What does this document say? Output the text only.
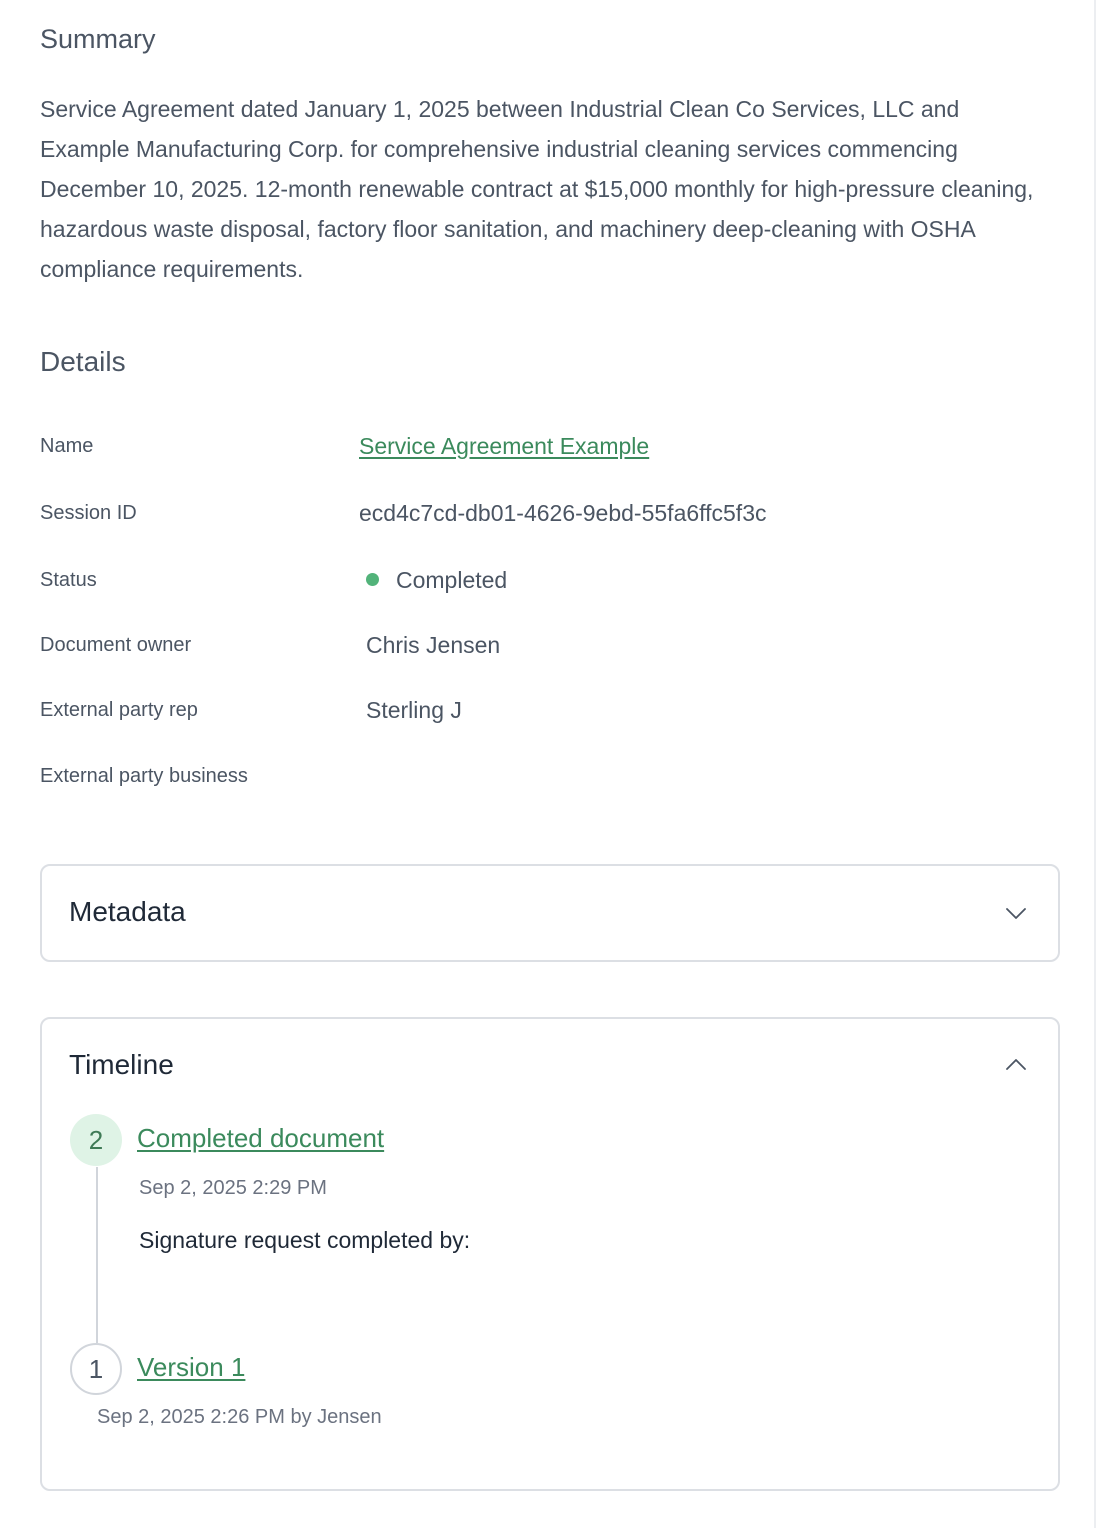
Summary

Service Agreement dated January 1, 2025 between Industrial Clean Co Services, LLC and Example Manufacturing Corp. for comprehensive industrial cleaning services commencing December 10, 2025. 12-month renewable contract at $15,000 monthly for high-pressure cleaning, hazardous waste disposal, factory floor sanitation, and machinery deep-cleaning with OSHA compliance requirements.

Details
Name	Service Agreement Example
Session ID	ecd4c7cd-db01-4626-9ebd-55fa6ffc5f3c
Status	Completed
Document owner	Chris Jensen
External party rep	Sterling J
External party business
Metadata
Timeline
2	Completed document
Sep 2, 2025 2:29 PM
Signature request completed by:
1	Version 1
Sep 2, 2025 2:26 PM by Jensen
